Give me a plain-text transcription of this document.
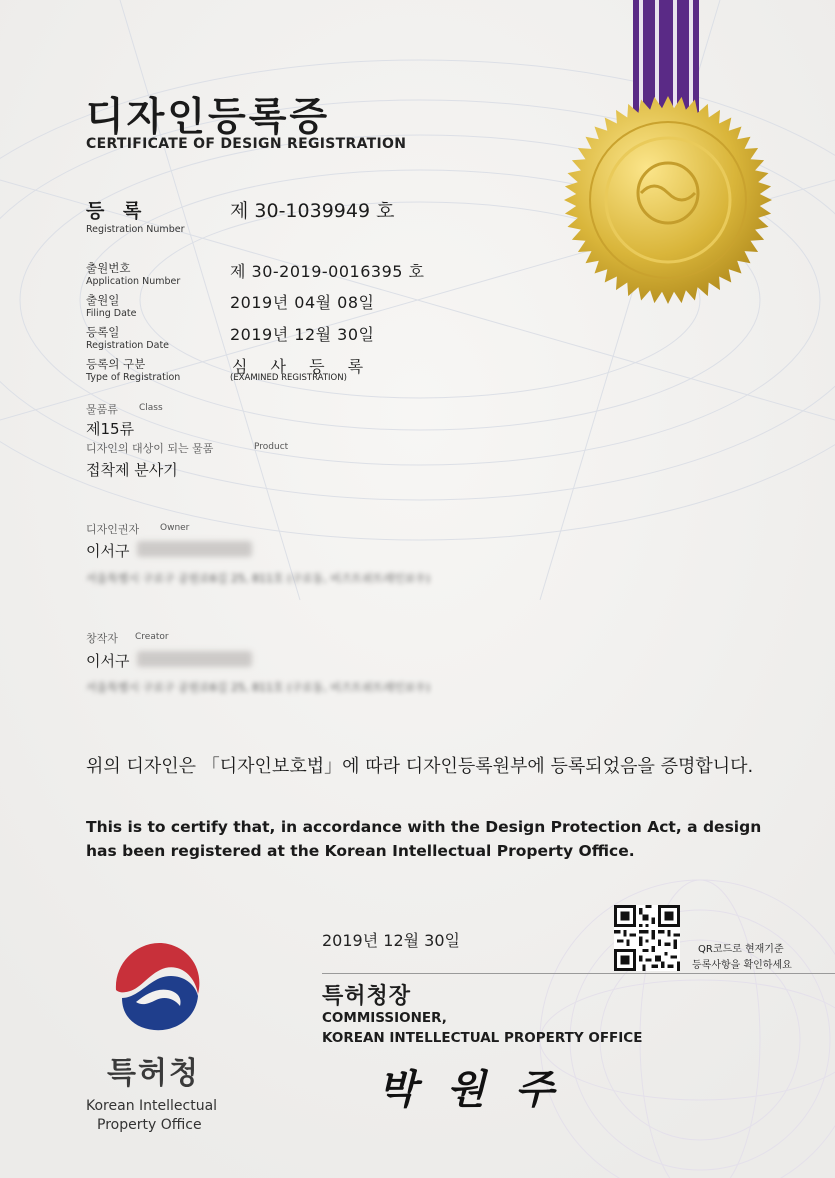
디자인등록증
CERTIFICATE OF DESIGN REGISTRATION
등 록
Registration Number
제 30-1039949 호
출원번호
Application Number
제 30-2019-0016395 호
출원일
Filing Date
2019년 04월 08일
등록일
Registration Date
2019년 12월 30일
등록의 구분
Type of Registration
심 사 등 록
(EXAMINED REGISTRATION)
물품류 Class
제15류
디자인의 대상이 되는 물품	Product
접착제 분사기
디자인권자 Owner
이서구
서울특별시 구로구 공원로6길 25, 811호 (구로동, 비즈트위트레인보우)
창작자 Creator
이서구
서울특별시 구로구 공원로6길 25, 811호 (구로동, 비즈트위트레인보우)
위의 디자인은 「디자인보호법」에 따라 디자인등록원부에 등록되었음을 증명합니다.
This is to certify that, in accordance with the Design Protection Act, a design has been registered at the Korean Intellectual Property Office.
2019년 12월 30일	QR코드로 현재기준
등록사항을 확인하세요
특허청장
COMMISSIONER,
KOREAN INTELLECTUAL PROPERTY OFFICE
박 원 주
특허청
Korean Intellectual
Property Office
